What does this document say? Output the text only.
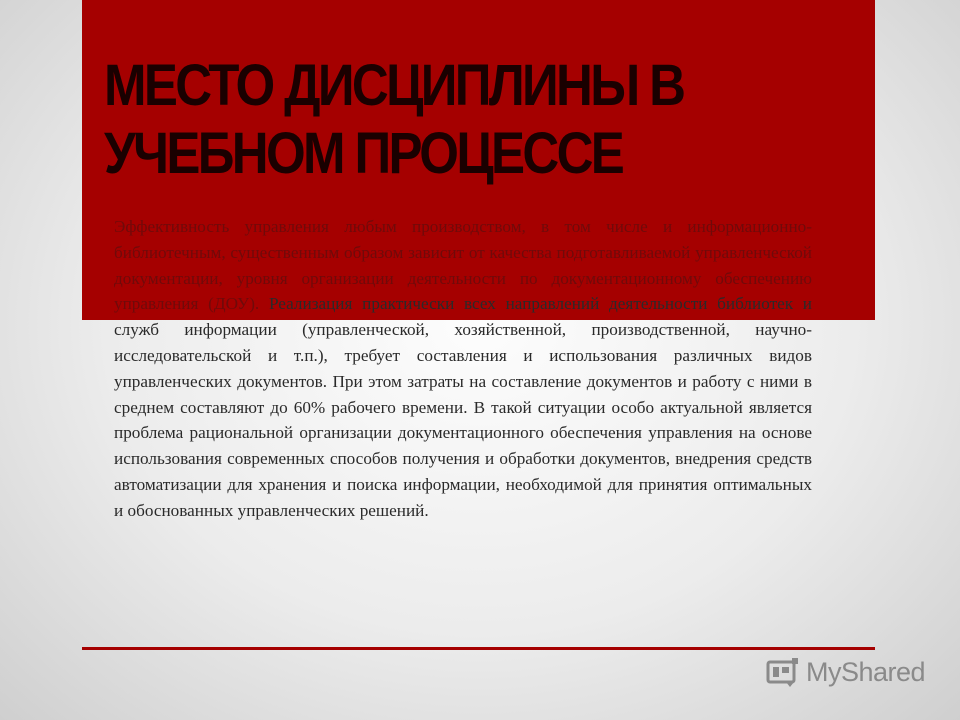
МЕСТО ДИСЦИПЛИНЫ В УЧЕБНОМ ПРОЦЕССЕ

Эффективность управления любым производством, в том числе и информационно-библиотечным, существенным образом зависит от качества подготавливаемой управленческой документации, уровня организации деятельности по документационному обеспечению управления (ДОУ). Реализация практически всех направлений деятельности библиотек и служб информации (управленческой, хозяйственной, производственной, научно-исследовательской и т.п.), требует составления и использования различных видов управленческих документов. При этом затраты на составление документов и работу с ними в среднем составляют до 60% рабочего времени. В такой ситуации особо актуальной является проблема рациональной организации документационного обеспечения управления на основе использования современных способов получения и обработки документов, внедрения средств автоматизации для хранения и поиска информации, необходимой для принятия оптимальных и обоснованных управленческих решений.

MyShared
